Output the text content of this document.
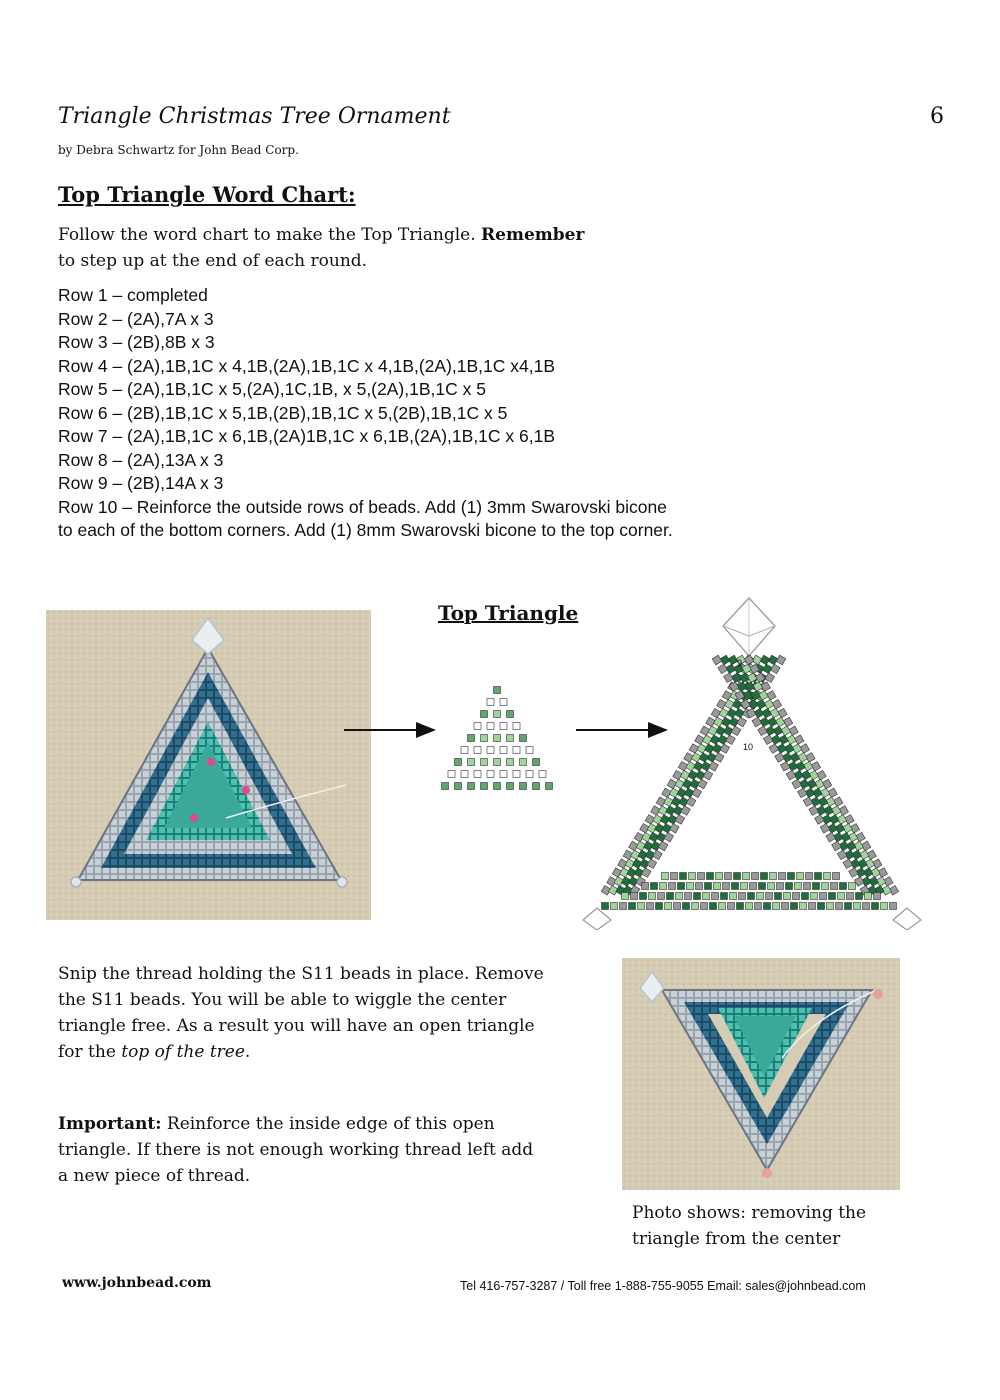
Triangle Christmas Tree Ornament	6
by Debra Schwartz for John Bead Corp.
Top Triangle Word Chart:
Follow the word chart to make the Top Triangle. Remember
to step up at the end of each round.
Row 1 – completed
Row 2 – (2A),7A x 3
Row 3 – (2B),8B x 3
Row 4 – (2A),1B,1C x 4,1B,(2A),1B,1C x 4,1B,(2A),1B,1C x4,1B
Row 5 – (2A),1B,1C x 5,(2A),1C,1B, x 5,(2A),1B,1C x 5
Row 6 – (2B),1B,1C x 5,1B,(2B),1B,1C x 5,(2B),1B,1C x 5
Row 7 – (2A),1B,1C x 6,1B,(2A)1B,1C x 6,1B,(2A),1B,1C x 6,1B
Row 8 – (2A),13A x 3
Row 9 – (2B),14A x 3
Row 10 – Reinforce the outside rows of beads. Add (1) 3mm Swarovski bicone to each of the bottom corners. Add (1) 8mm Swarovski bicone to the top corner.
Top Triangle
9
10
Snip the thread holding the S11 beads in place. Remove the S11 beads. You will be able to wiggle the center triangle free. As a result you will have an open triangle for the top of the tree.
Important: Reinforce the inside edge of this open triangle. If there is not enough working thread left add a new piece of thread.
Photo shows: removing the triangle from the center
www.johnbead.com	Tel 416-757-3287 / Toll free 1-888-755-9055 Email: sales@johnbead.com
